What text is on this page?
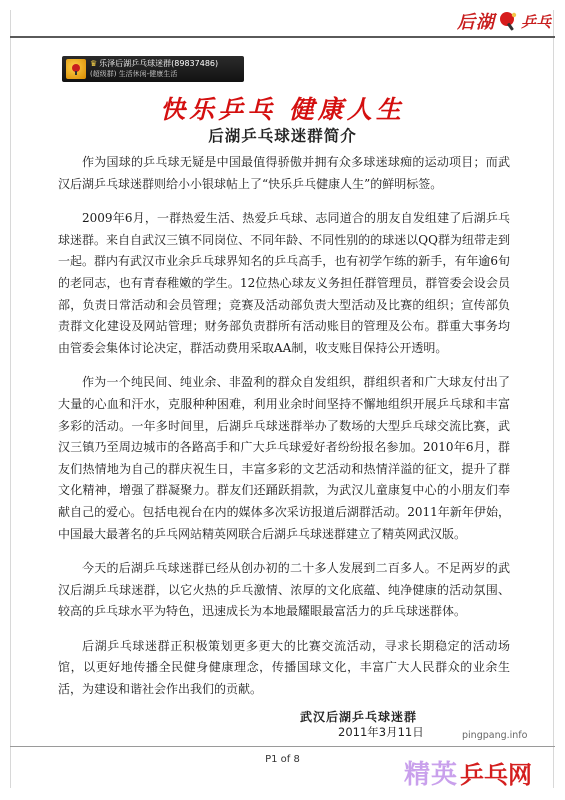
后湖 乒乓
♛ 乐泽后湖乒乓球迷群(89837486)
(超级群) 生活休闲-健康生活
快乐乒乓 健康人生
后湖乒乓球迷群简介

作为国球的乒乓球无疑是中国最值得骄傲并拥有众多球迷球痴的运动项目；而武汉后湖乒乓球迷群则给小小银球帖上了“快乐乒乓健康人生”的鲜明标签。

2009年6月，一群热爱生活、热爱乒乓球、志同道合的朋友自发组建了后湖乒乓球迷群。来自自武汉三镇不同岗位、不同年龄、不同性别的的球迷以QQ群为纽带走到一起。群内有武汉市业余乒乓球界知名的乒乓高手，也有初学乍练的新手，有年逾6旬的老同志，也有青春稚嫩的学生。12位热心球友义务担任群管理员，群管委会设会员部，负责日常活动和会员管理；竞赛及活动部负责大型活动及比赛的组织；宣传部负责群文化建设及网站管理；财务部负责群所有活动账目的管理及公布。群重大事务均由管委会集体讨论决定，群活动费用采取AA制，收支账目保持公开透明。

作为一个纯民间、纯业余、非盈利的群众自发组织，群组织者和广大球友付出了大量的心血和汗水，克服种种困难，利用业余时间坚持不懈地组织开展乒乓球和丰富多彩的活动。一年多时间里，后湖乒乓球迷群举办了数场的大型乒乓球交流比赛，武汉三镇乃至周边城市的各路高手和广大乒乓球爱好者纷纷报名参加。2010年6月，群友们热情地为自己的群庆祝生日，丰富多彩的文艺活动和热情洋溢的征文，提升了群文化精神，增强了群凝聚力。群友们还踊跃捐款，为武汉儿童康复中心的小朋友们奉献自己的爱心。包括电视台在内的媒体多次采访报道后湖群活动。2011年新年伊始，中国最大最著名的乒乓网站精英网联合后湖乒乓球迷群建立了精英网武汉版。

今天的后湖乒乓球迷群已经从创办初的二十多人发展到二百多人。不足两岁的武汉后湖乒乓球迷群，以它火热的乒乓激情、浓厚的文化底蕴、纯净健康的活动氛围、较高的乒乓球水平为特色，迅速成长为本地最耀眼最富活力的乒乓球迷群体。

后湖乒乓球迷群正积极策划更多更大的比赛交流活动，寻求长期稳定的活动场馆，以更好地传播全民健身健康理念，传播国球文化，丰富广大人民群众的业余生活，为建设和谐社会作出我们的贡献。

武汉后湖乒乓球迷群
2011年3月11日	pingpang.info
P1 of 8
精英 乒乓网
